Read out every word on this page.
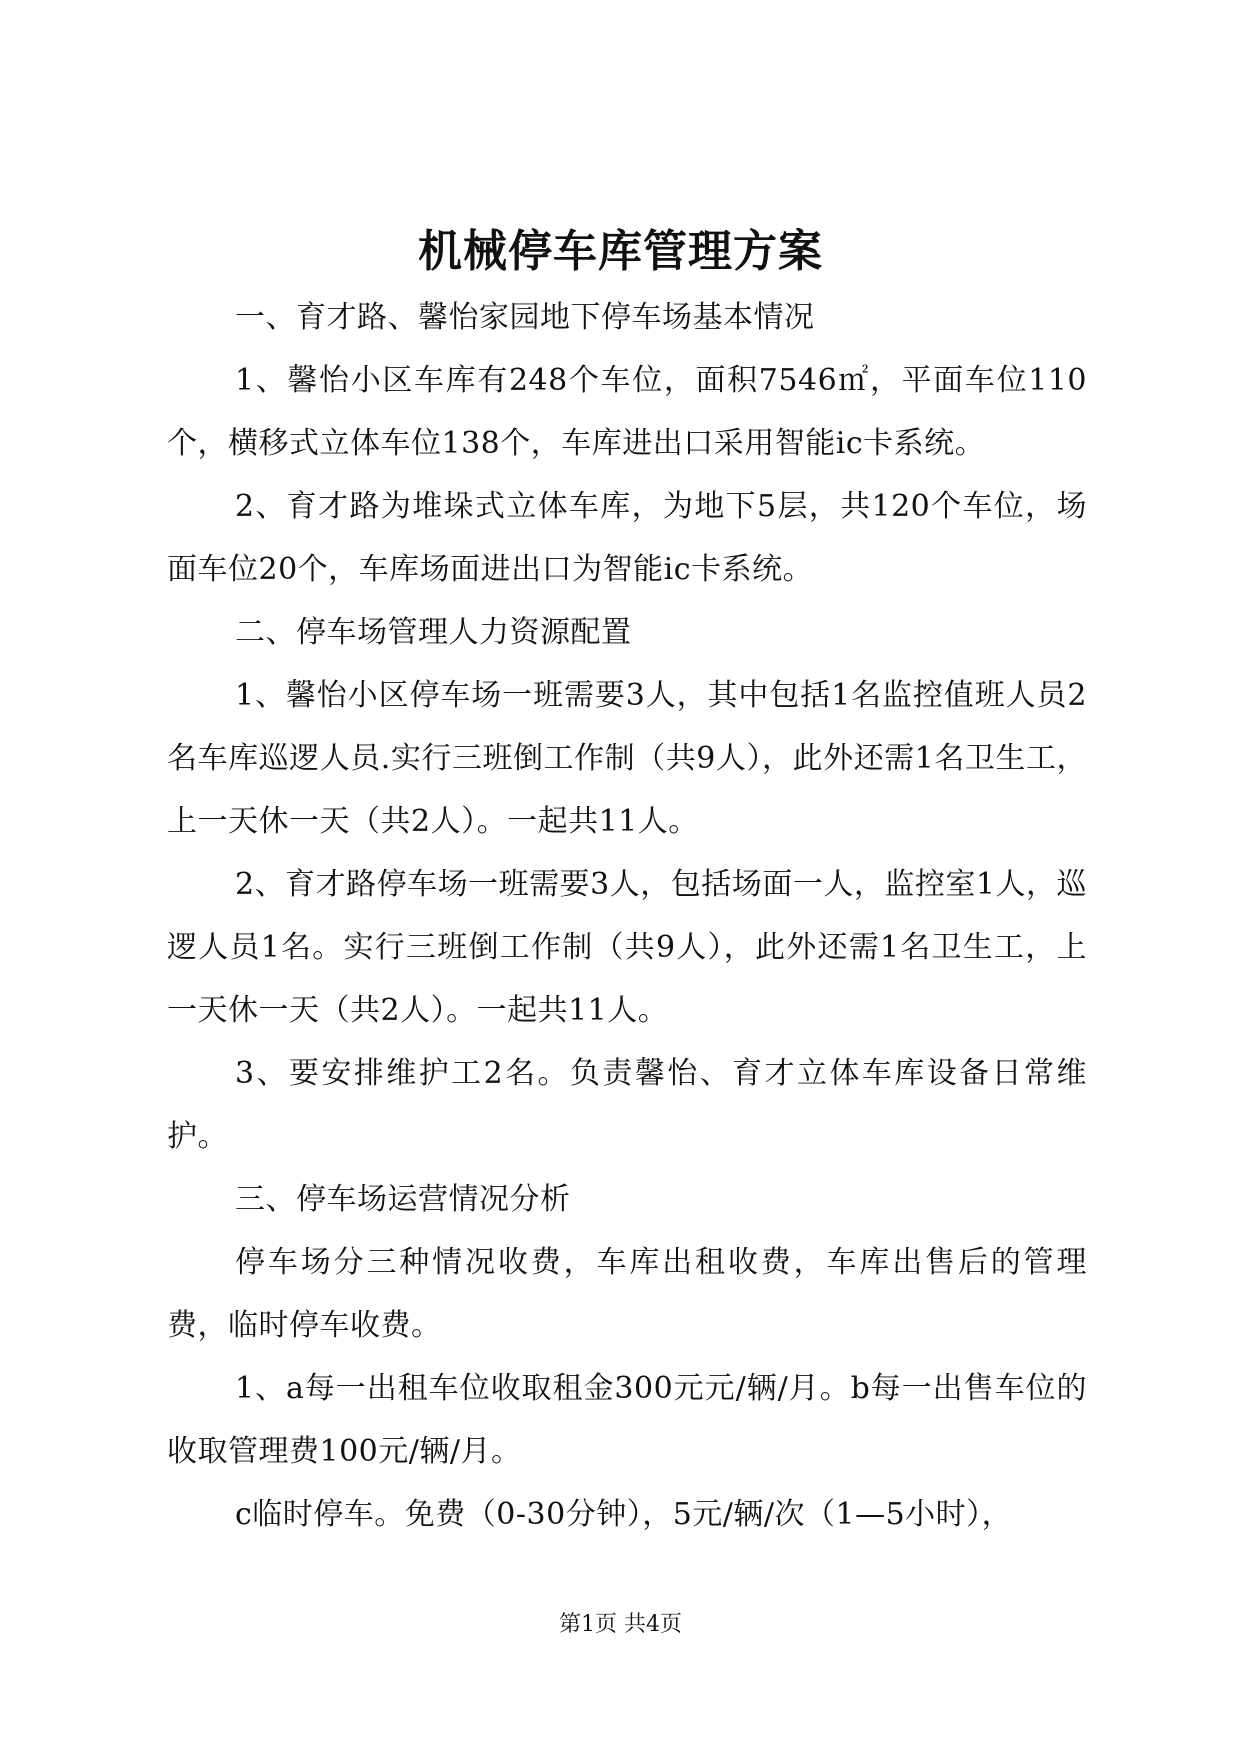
机械停车库管理方案

一、育才路、馨怡家园地下停车场基本情况

1、馨怡小区车库有248个车位，面积7546㎡，平面车位110个，横移式立体车位138个，车库进出口采用智能ic卡系统。

2、育才路为堆垛式立体车库，为地下5层，共120个车位，场面车位20个，车库场面进出口为智能ic卡系统。

二、停车场管理人力资源配置

1、馨怡小区停车场一班需要3人，其中包括1名监控值班人员2名车库巡逻人员.实行三班倒工作制（共9人），此外还需1名卫生工，上一天休一天（共2人）。一起共11人。

2、育才路停车场一班需要3人，包括场面一人，监控室1人，巡逻人员1名。实行三班倒工作制（共9人），此外还需1名卫生工，上一天休一天（共2人）。一起共11人。

3、要安排维护工2名。负责馨怡、育才立体车库设备日常维护。

三、停车场运营情况分析

停车场分三种情况收费，车库出租收费，车库出售后的管理费，临时停车收费。

1、a每一出租车位收取租金300元元/辆/月。b每一出售车位的收取管理费100元/辆/月。

c临时停车。免费（0-30分钟），5元/辆/次（1—5小时），

第1页 共4页
